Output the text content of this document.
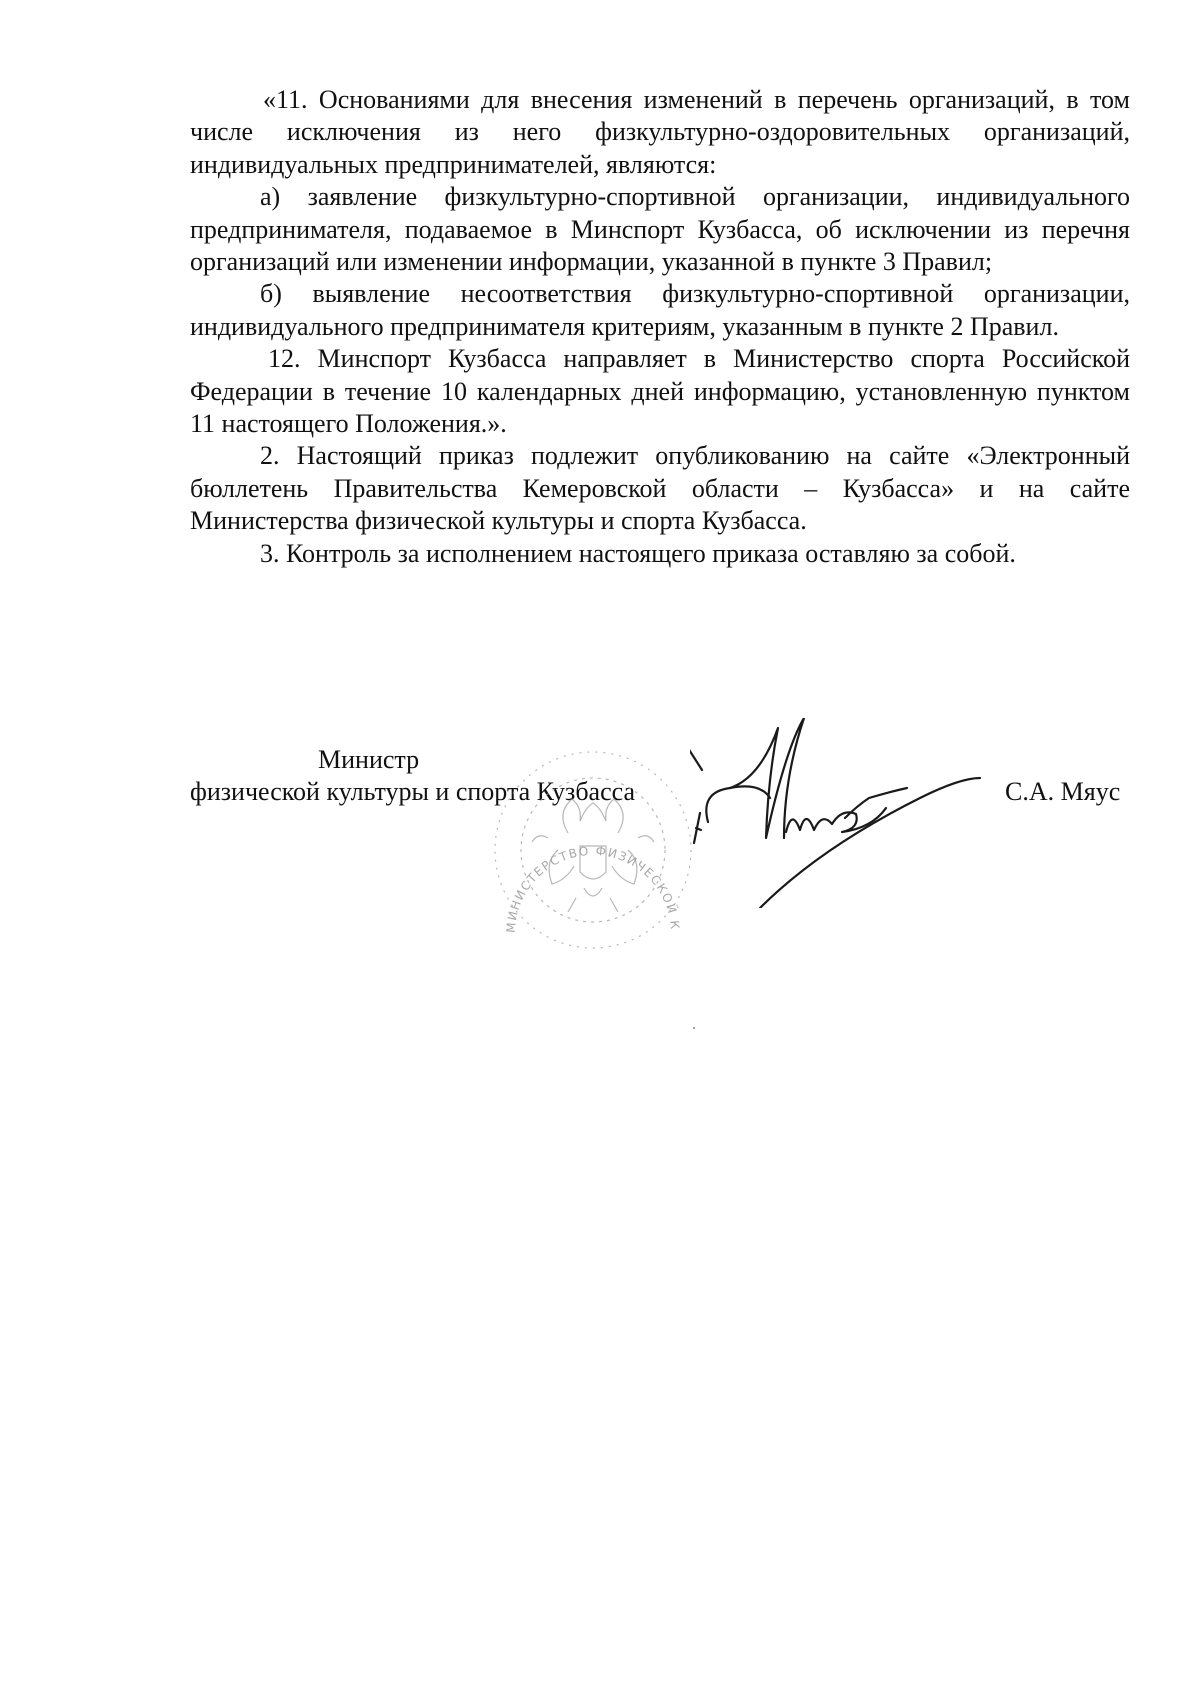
«11. Основаниями для внесения изменений в перечень организаций, в том числе исключения из него физкультурно-оздоровительных организаций, индивидуальных предпринимателей, являются:

а) заявление физкультурно-спортивной организации, индивидуального предпринимателя, подаваемое в Минспорт Кузбасса, об исключении из перечня организаций или изменении информации, указанной в пункте 3 Правил;

б) выявление несоответствия физкультурно-спортивной организации, индивидуального предпринимателя критериям, указанным в пункте 2 Правил.

12. Минспорт Кузбасса направляет в Министерство спорта Российской Федерации в течение 10 календарных дней информацию, установленную пунктом 11 настоящего Положения.».

2. Настоящий приказ подлежит опубликованию на сайте «Электронный бюллетень Правительства Кемеровской области – Кузбасса» и на сайте Министерства физической культуры и спорта Кузбасса.

3. Контроль за исполнением настоящего приказа оставляю за собой.

Министр
физической культуры и спорта Кузбасса
МИНИСТЕРСТВО ФИЗИЧЕСКОЙ К
С.А. Мяус
